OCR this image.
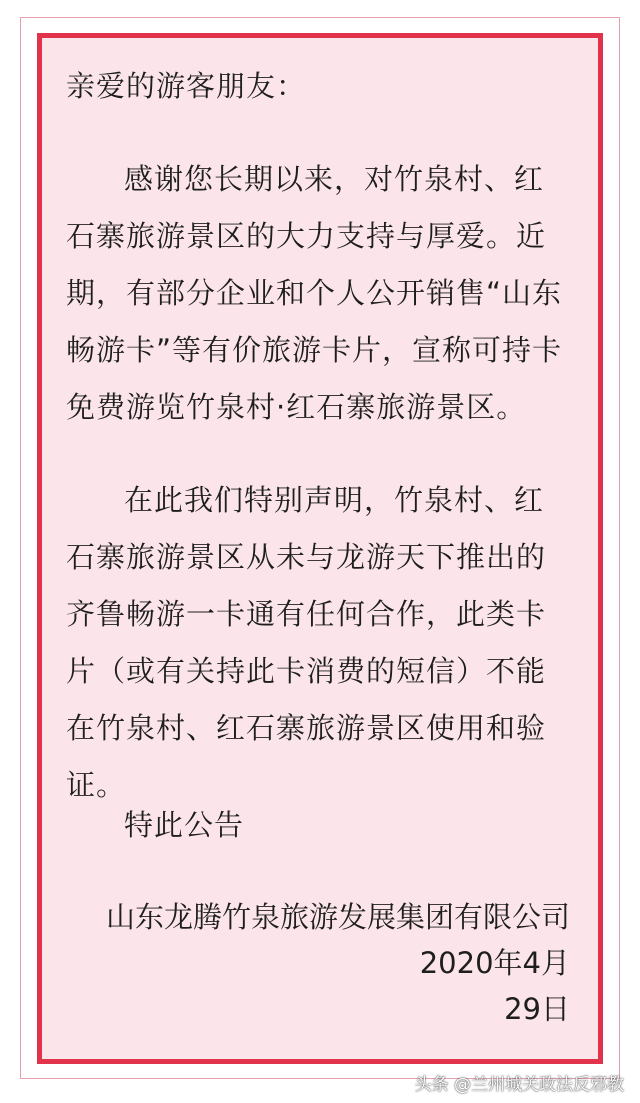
亲爱的游客朋友：

感谢您长期以来，对竹泉村、红石寨旅游景区的大力支持与厚爱。近期，有部分企业和个人公开销售“山东畅游卡”等有价旅游卡片，宣称可持卡免费游览竹泉村·红石寨旅游景区。

在此我们特别声明，竹泉村、红石寨旅游景区从未与龙游天下推出的齐鲁畅游一卡通有任何合作，此类卡片（或有关持此卡消费的短信）不能在竹泉村、红石寨旅游景区使用和验证。

特此公告

山东龙腾竹泉旅游发展集团有限公司

2020年4月

29日

头条 @兰州城关政法反邪教
